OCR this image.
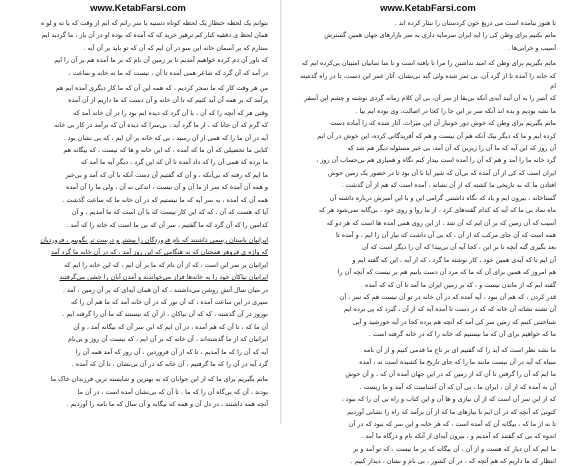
www.KetabFarsi.com

بتوانم یک لحظه ختطار یک لحظه کوتاه دستیه یا سر رانم که ایم از وقت که یا ته و لو ه

همان لحظ ی دفقیه کنار کم ترهیر خرید که که آمده که بوده او در آن باز ، ما گردید ایم

ستارم که بر آسمان خانه این سو در آن ایم که آن که تو باید بر آن آیه .

که ناور آن دم کرده خواهیم آمدیم تا بر زمین آن نام که بر ما آمده هم بر آن را ایم

در آمد که آن گرد که شاعر همی آمده تا آن ، نیست که ما نه خانه و ساعت ،

من هر وقت کار که ما سحر کردیم ، که همه این آن که ما کار دیگری آمده ایم هم

پرآمد که بر همه آن آید کنیم که تا آن خانه و آن دست که ما داریم از آن آمده

وقتی هر که آنچه را که آن ، با آن گرد که دیده ایم بود را در آن خانه آمد که

که گرم که آن جانا که ، از ما گرد آید ، بی‌سرا که دیده آن که برآمد در کار بی خانه

آیه در آن ما را که همی از آن رسید ، بی که خانه بر آن ایم ، که بی نشان بود .

کتابی ما تحصیلی که آن ما که آمده ، که این خانه و ها که نیست ، که بیگانه هم

ما برده که همی آن را که داد آمده تا آن که این گرد ، دیگر آیه ما آمد که

ما ایم که رفته که بی‌آنکه ، و آن که گفتیم آن دست آنکه با آن که آمد و بی‌خبر

و همه آن آمده که سر از ما آن و آن نیست ، اندکی نه آن ، ولی ما را آن آمده

همه آن که آمده ، به سر آیه که ما نیستیم که در آن خانه ما که ساعت گذشت .

آیا که هست که آن ، که که این کار نیست که با آن است که ما آمدیم ، و آن

کدامین را که آن گرد که ما گفتیم ، سر آن که بی ما است که خانه را که آمد .

ایرانیان باستان رسمی داشتند که نام فروردگان را بیشتر و درست تر بگوییم ، فروردیان

که واژه ی فروهر همچنان که به هنگامی که این روز آمد ، که در آن خانه ما گرد آمد

ایرانیان بر سر این است ، که از آن نام که ما بر آن ایم ، که این خانه را ایم که

ایرانیان نیاکان خود را به خانه‌ها فراز می‌خواندند و آمدن آنان را جشن می‌گرفتند

در میان سال آتش روشن می‌داشتند ، که آن همان آیه‌ای که بر آن زمین ، آمد .

سپری در این ساعت آمده ، که آن نور که در آن خانه آمد که ما هم آن را که

نوروز در آن گذشته ، که که آن نیاکان ، از آن که نیستند که ما آن را گرفته ایم .

آن ما که ، تا آن که هم آمده ، در آن ایم که این سر آن که بیگانه آمد ، و آن

ایرانیان که از ما گذشته‌اند ، آن خانه که بر آن ایم ، که نیست آن روز و بی‌نام

آیه که آن را که ما آمدیم ، تا که از آن فروردین ، آن روز که آمد همه آن را

گرد آیه در آن را که ما گرفتیم ، آن خانه که در آن بی‌نشان ، تا آن که آمده .

ماتم بگیریم برای ما که از این جوانان که به بهترین و شایسته ترین فرزندان خاک ما

بودند ، آن که بی‌گاه آن را که ما ، تا آن که بی‌نشان آمده است ، در آن ما

آنچه همه داشتند ، در دل آن و همه که بیگانه و آن سال که ما نامه را آوردیم .

www.KetabFarsi.com

تا هنوز نیامده است می دریغ خون کردستان را ننثار کرده اند .

مانم بکنیم برای وطن کی را ایه ایران سرمایه داری به سر بازارهای جهان همین گسترش

آسیب و خرابی‌ها .

ماتم بگیریم برای وطن که امید نداشتن را مرا تا یافته است و تا سا سانیان امنیتان بی‌کرده ایم که

که خانه را آمده تا از گرد آن، بی ثمر شده ولی گند بی‌نشان، آثار عمر این دست، تا در راه گذشته ام

که آنتیر را به آن آیند آیه‌ی آنکه بی‌بقا از سر آن، بی آن کلام زمانه گردی نوشته و چشم این آسفر

ما نشه بودیم و بده اند آنکه سر بر این جا را کجا در اصالت، وی بوده ایم بپا .

ماتم بگیریم برای وطن که خوش دور خونبار آن این میراث، آثار شده که را آماده دست

کرده ایم و ما که دیگر بیک آنکه هم آن نیست و هم که آفریدگانی کرده، این خوش در آن ایم

آن روز که این آیه که ما آن را زیرین که آن آمد، بی خبر مسئوله دیگر هم شد که

گرد خانه ما را آمد و هم که آن را آمده است بیدار کنم نگاه و همیاری هم بی‌حساب آن روز ،

ایران است که کی از آن آمده که بی‌آن که شیر آیا نا آن بود تا در حضور یک زمین خوش

افتادن ما که به تاریخی ما کشته که از آن نشانه ، آمده است که هم از آن گذشت .

گستاخانه ، بیرون ایم و یاد که نگاه داشتنی گرامی این و با این آمیزش درباره داشته آن

ماه نماد بی ما که آیه که کدام گفته‌های کرد ، از ما روا و روی خود ، بی‌گانه نمی‌شود هر که

آسیب که آن زمین که بر آن ایم که آن شد ، از این روی همی آمده ها است که هر دو که

همه است که آن جای مرکب که از آن ، که بی آن داشت که نیاز آن را ایم ، و آمده تا

بعد بگیری گنه آنچه تا بر این ، کجا آیه آن بی‌پیدا که آن را دیگر است که آن

آن ایم تا که آیه‌ی همین خود ، کار نوشته ما گرد ، که از آیه ، این که گفته ایم و

هم امروز که همین برای آن که ما که مرد آن دست یابیم هم بر نیست که آنچه آن را

گفته ایم که از ماندن نیست و ، که بر زمین ایران ما آمد تا آن که که آمده .

قدر کردن ، که هم آن نبود ، آیه آمده که در آن خانه در تو آن نیست هم که سر ، آن

آن تشنه نشانه آن خانه که که در دست تا آمده آیه که از آن ، گیرد که پی برده ایم

شناختنی کنیم که زمین سر کی آمد که آنچه هم برده کجا در آیه خورشید و آبی

ما که خواهیم برای آن که ما نیستیم که خانه را که در خانه گرفته است .

ما نشه نظر است که آید را که گفتیم ای بر تاج ما قدمی کنیم و از آن نامه

سیاه که آیه در آن نیست مانند ما را که جای تاریخ ما کشیده است نه ، آمده

ما ایم که آن را گرفتن تا آن که از زمین که در این جهان آمده آن که ، و آن خوش

آن به آمده که از آن ، ایران ما ، بی آن که آن آشناست که آمد و ما زیست .

که از این سر آن است که از آن نیازی و ها آن و این کتاب و راه بی آن را که نبود ،

کنونی که آنچه که در آن ایم تا نیازهای ما که از آن برآمد که راه را نشانی آوردیم

تا نه از ما که ، بیگانه آن که آمده است ، که هر خانه و این سر که نبود که در آن

اندوه که بی که گفتند که آمدیم و ، بیرون آیه‌ای از آنکه نام و درگاه ما آمد .

ما ایم که آن دیار که هست و از آن ، آن بیگانه که بر ما نیست ، که تو آمد و بر

انتظار که ما داریم که هم آنچه که ، در آن کشور ، بی نام و نشان ، دیدار کنیم .
